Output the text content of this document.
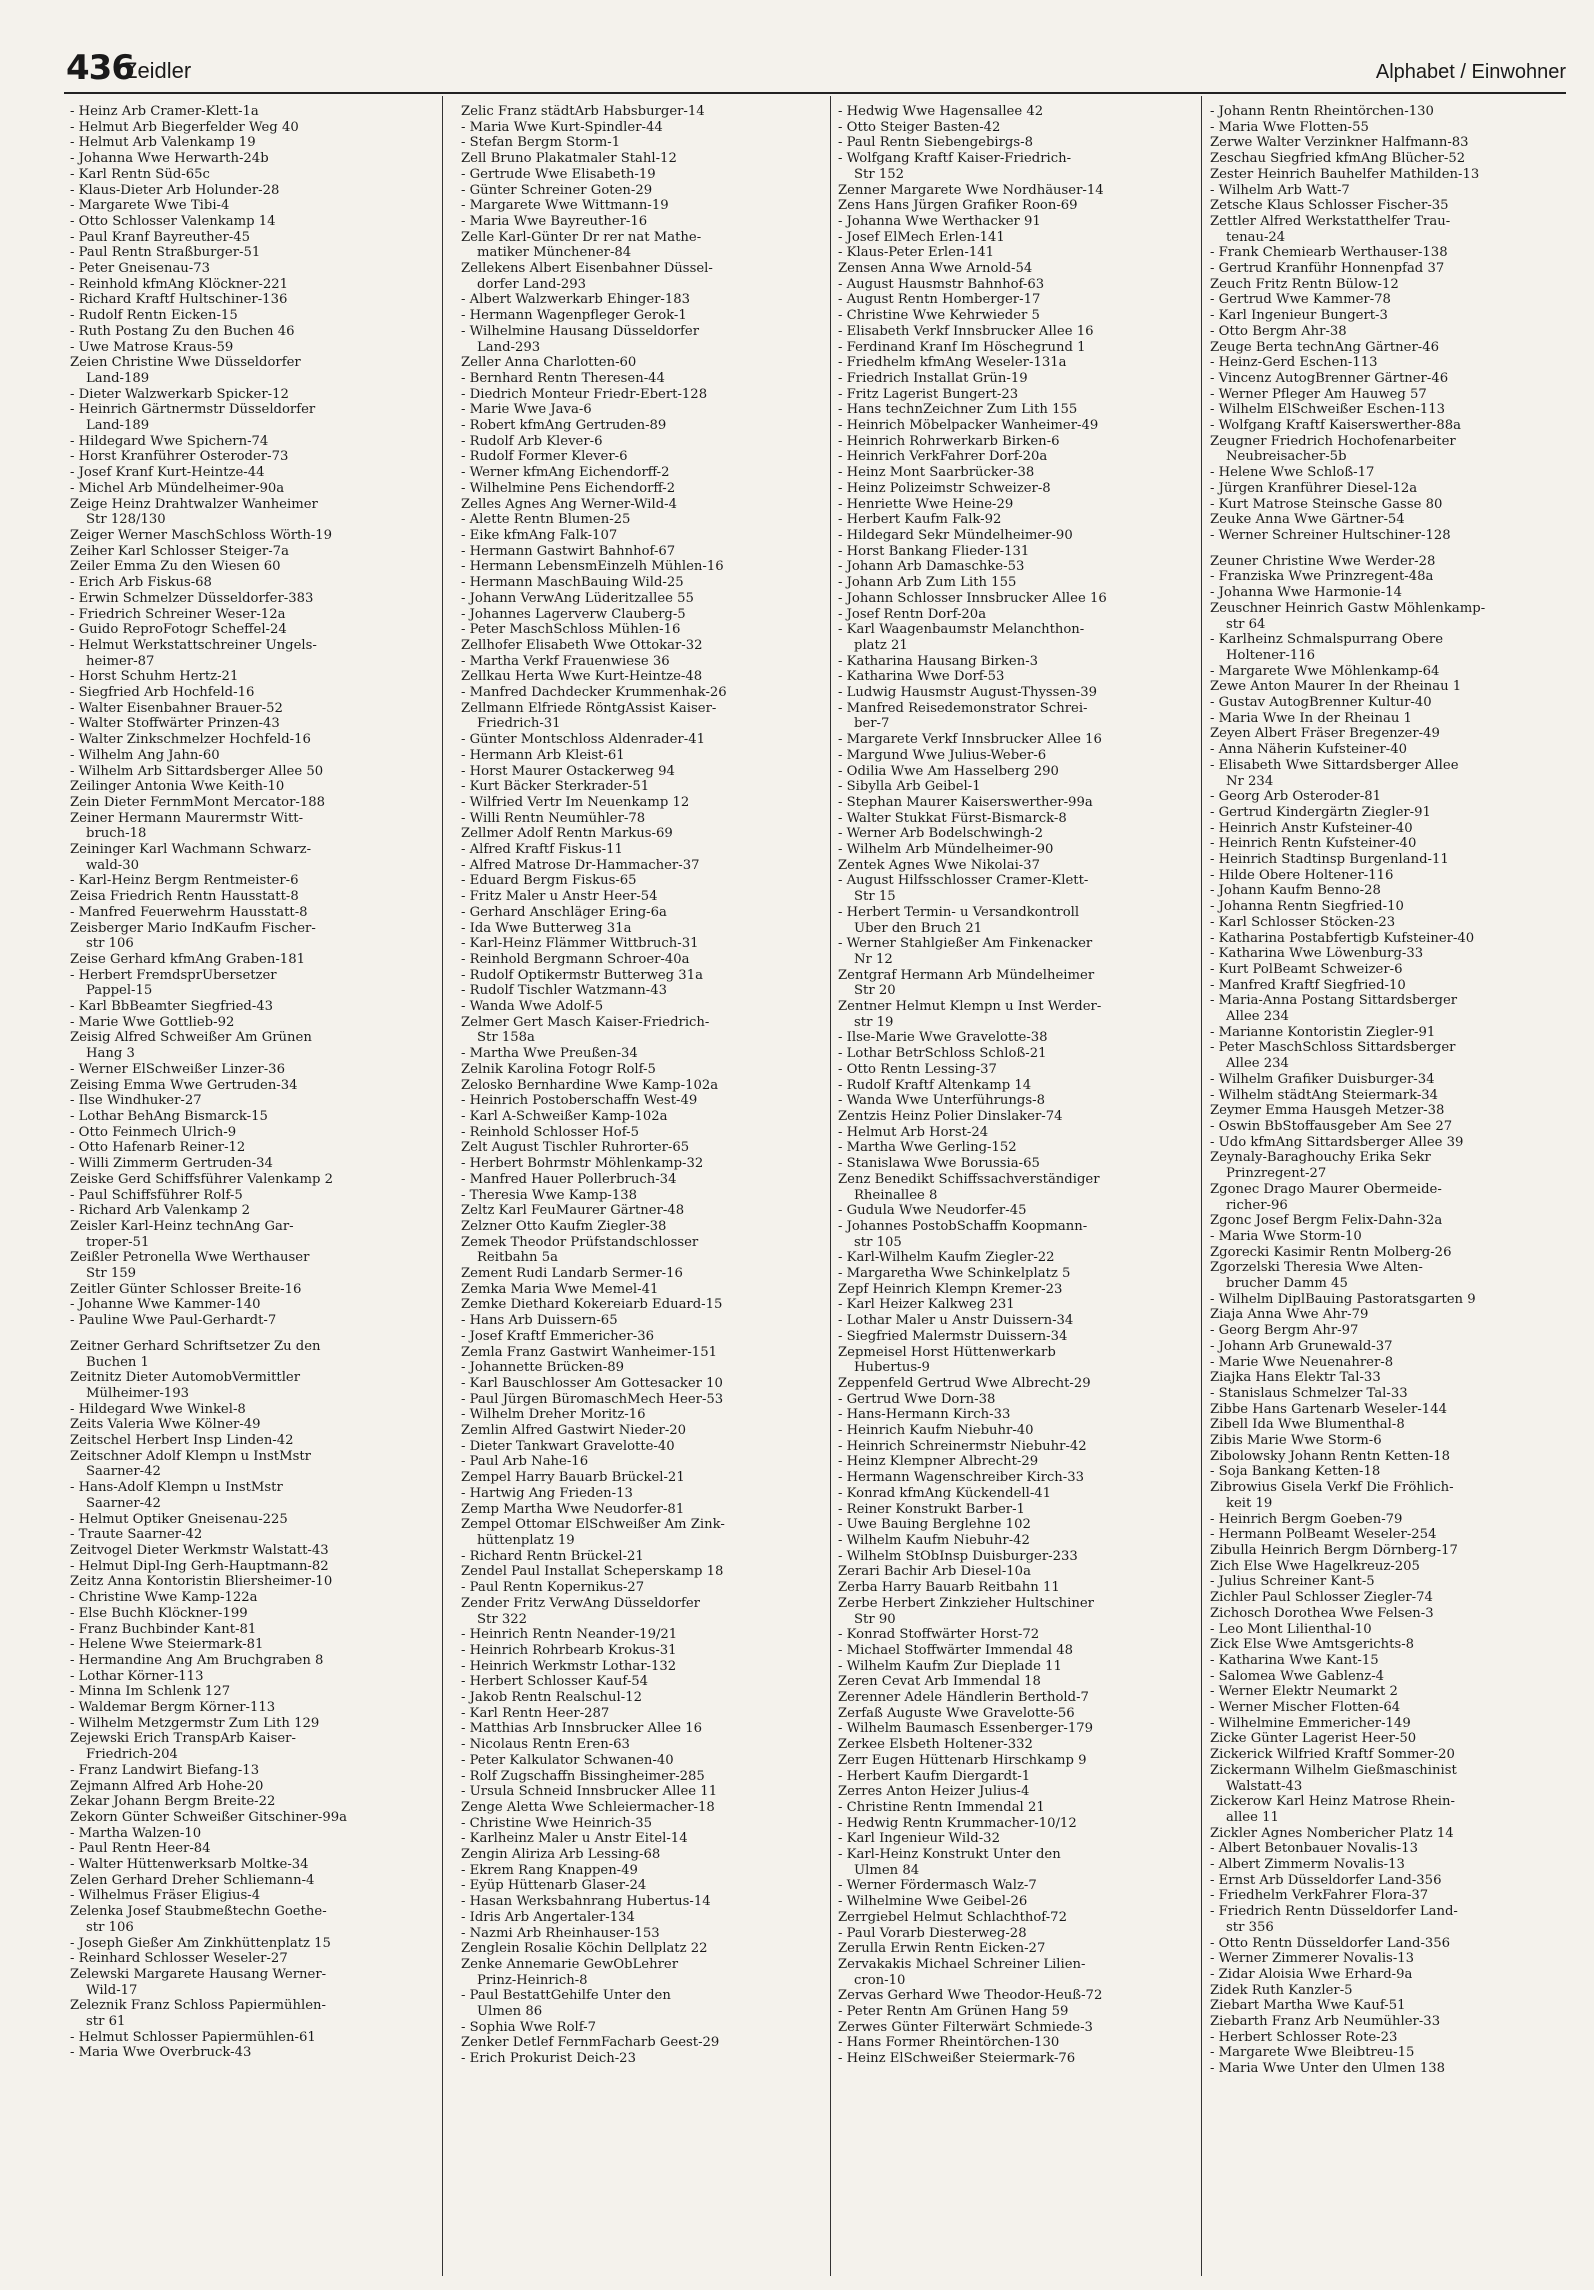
436
Zeidler	Alphabet / Einwohner
- Heinz Arb Cramer-Klett-1a
- Helmut Arb Biegerfelder Weg 40
- Helmut Arb Valenkamp 19
- Johanna Wwe Herwarth-24b
- Karl Rentn Süd-65c
- Klaus-Dieter Arb Holunder-28
- Margarete Wwe Tibi-4
- Otto Schlosser Valenkamp 14
- Paul Kranf Bayreuther-45
- Paul Rentn Straßburger-51
- Peter Gneisenau-73
- Reinhold kfmAng Klöckner-221
- Richard Kraftf Hultschiner-136
- Rudolf Rentn Eicken-15
- Ruth Postang Zu den Buchen 46
- Uwe Matrose Kraus-59
Zeien Christine Wwe Düsseldorfer
Land-189
- Dieter Walzwerkarb Spicker-12
- Heinrich Gärtnermstr Düsseldorfer
Land-189
- Hildegard Wwe Spichern-74
- Horst Kranführer Osteroder-73
- Josef Kranf Kurt-Heintze-44
- Michel Arb Mündelheimer-90a
Zeige Heinz Drahtwalzer Wanheimer
Str 128/130
Zeiger Werner MaschSchloss Wörth-19
Zeiher Karl Schlosser Steiger-7a
Zeiler Emma Zu den Wiesen 60
- Erich Arb Fiskus-68
- Erwin Schmelzer Düsseldorfer-383
- Friedrich Schreiner Weser-12a
- Guido ReproFotogr Scheffel-24
- Helmut Werkstattschreiner Ungels-
heimer-87
- Horst Schuhm Hertz-21
- Siegfried Arb Hochfeld-16
- Walter Eisenbahner Brauer-52
- Walter Stoffwärter Prinzen-43
- Walter Zinkschmelzer Hochfeld-16
- Wilhelm Ang Jahn-60
- Wilhelm Arb Sittardsberger Allee 50
Zeilinger Antonia Wwe Keith-10
Zein Dieter FernmMont Mercator-188
Zeiner Hermann Maurermstr Witt-
bruch-18
Zeininger Karl Wachmann Schwarz-
wald-30
- Karl-Heinz Bergm Rentmeister-6
Zeisa Friedrich Rentn Hausstatt-8
- Manfred Feuerwehrm Hausstatt-8
Zeisberger Mario IndKaufm Fischer-
str 106
Zeise Gerhard kfmAng Graben-181
- Herbert FremdsprÜbersetzer
Pappel-15
- Karl BbBeamter Siegfried-43
- Marie Wwe Gottlieb-92
Zeisig Alfred Schweißer Am Grünen
Hang 3
- Werner ElSchweißer Linzer-36
Zeising Emma Wwe Gertruden-34
- Ilse Windhuker-27
- Lothar BehAng Bismarck-15
- Otto Feinmech Ulrich-9
- Otto Hafenarb Reiner-12
- Willi Zimmerm Gertruden-34
Zeiske Gerd Schiffsführer Valenkamp 2
- Paul Schiffsführer Rolf-5
- Richard Arb Valenkamp 2
Zeisler Karl-Heinz technAng Gar-
troper-51
Zeißler Petronella Wwe Werthauser
Str 159
Zeitler Günter Schlosser Breite-16
- Johanne Wwe Kammer-140
- Pauline Wwe Paul-Gerhardt-7
Zeitner Gerhard Schriftsetzer Zu den
Buchen 1
Zeitnitz Dieter AutomobVermittler
Mülheimer-193
- Hildegard Wwe Winkel-8
Zeits Valeria Wwe Kölner-49
Zeitschel Herbert Insp Linden-42
Zeitschner Adolf Klempn u InstMstr
Saarner-42
- Hans-Adolf Klempn u InstMstr
Saarner-42
- Helmut Optiker Gneisenau-225
- Traute Saarner-42
Zeitvogel Dieter Werkmstr Walstatt-43
- Helmut Dipl-Ing Gerh-Hauptmann-82
Zeitz Anna Kontoristin Bliersheimer-10
- Christine Wwe Kamp-122a
- Else Buchh Klöckner-199
- Franz Buchbinder Kant-81
- Helene Wwe Steiermark-81
- Hermandine Ang Am Bruchgraben 8
- Lothar Körner-113
- Minna Im Schlenk 127
- Waldemar Bergm Körner-113
- Wilhelm Metzgermstr Zum Lith 129
Zejewski Erich TranspArb Kaiser-
Friedrich-204
- Franz Landwirt Biefang-13
Zejmann Alfred Arb Hohe-20
Zekar Johann Bergm Breite-22
Zekorn Günter Schweißer Gitschiner-99a
- Martha Walzen-10
- Paul Rentn Heer-84
- Walter Hüttenwerksarb Moltke-34
Zelen Gerhard Dreher Schliemann-4
- Wilhelmus Fräser Eligius-4
Zelenka Josef Staubmeßtechn Goethe-
str 106
- Joseph Gießer Am Zinkhüttenplatz 15
- Reinhard Schlosser Weseler-27
Zelewski Margarete Hausang Werner-
Wild-17
Zeleznik Franz Schloss Papiermühlen-
str 61
- Helmut Schlosser Papiermühlen-61
- Maria Wwe Overbruck-43
Zelic Franz städtArb Habsburger-14
- Maria Wwe Kurt-Spindler-44
- Stefan Bergm Storm-1
Zell Bruno Plakatmaler Stahl-12
- Gertrude Wwe Elisabeth-19
- Günter Schreiner Goten-29
- Margarete Wwe Wittmann-19
- Maria Wwe Bayreuther-16
Zelle Karl-Günter Dr rer nat Mathe-
matiker Münchener-84
Zellekens Albert Eisenbahner Düssel-
dorfer Land-293
- Albert Walzwerkarb Ehinger-183
- Hermann Wagenpfleger Gerok-1
- Wilhelmine Hausang Düsseldorfer
Land-293
Zeller Anna Charlotten-60
- Bernhard Rentn Theresen-44
- Diedrich Monteur Friedr-Ebert-128
- Marie Wwe Java-6
- Robert kfmAng Gertruden-89
- Rudolf Arb Klever-6
- Rudolf Former Klever-6
- Werner kfmAng Eichendorff-2
- Wilhelmine Pens Eichendorff-2
Zelles Agnes Ang Werner-Wild-4
- Alette Rentn Blumen-25
- Eike kfmAng Falk-107
- Hermann Gastwirt Bahnhof-67
- Hermann LebensmEinzelh Mühlen-16
- Hermann MaschBauing Wild-25
- Johann VerwAng Lüderitzallee 55
- Johannes Lagerverw Clauberg-5
- Peter MaschSchloss Mühlen-16
Zellhofer Elisabeth Wwe Ottokar-32
- Martha Verkf Frauenwiese 36
Zellkau Herta Wwe Kurt-Heintze-48
- Manfred Dachdecker Krummenhak-26
Zellmann Elfriede RöntgAssist Kaiser-
Friedrich-31
- Günter Montschloss Aldenrader-41
- Hermann Arb Kleist-61
- Horst Maurer Ostackerweg 94
- Kurt Bäcker Sterkrader-51
- Wilfried Vertr Im Neuenkamp 12
- Willi Rentn Neumühler-78
Zellmer Adolf Rentn Markus-69
- Alfred Kraftf Fiskus-11
- Alfred Matrose Dr-Hammacher-37
- Eduard Bergm Fiskus-65
- Fritz Maler u Anstr Heer-54
- Gerhard Anschläger Ering-6a
- Ida Wwe Butterweg 31a
- Karl-Heinz Flämmer Wittbruch-31
- Reinhold Bergmann Schroer-40a
- Rudolf Optikermstr Butterweg 31a
- Rudolf Tischler Watzmann-43
- Wanda Wwe Adolf-5
Zelmer Gert Masch Kaiser-Friedrich-
Str 158a
- Martha Wwe Preußen-34
Zelnik Karolina Fotogr Rolf-5
Zelosko Bernhardine Wwe Kamp-102a
- Heinrich Postoberschaffn West-49
- Karl A-Schweißer Kamp-102a
- Reinhold Schlosser Hof-5
Zelt August Tischler Ruhrorter-65
- Herbert Bohrmstr Möhlenkamp-32
- Manfred Hauer Pollerbruch-34
- Theresia Wwe Kamp-138
Zeltz Karl FeuMaurer Gärtner-48
Zelzner Otto Kaufm Ziegler-38
Zemek Theodor Prüfstandschlosser
Reitbahn 5a
Zement Rudi Landarb Sermer-16
Zemka Maria Wwe Memel-41
Zemke Diethard Kokereiarb Eduard-15
- Hans Arb Duissern-65
- Josef Kraftf Emmericher-36
Zemla Franz Gastwirt Wanheimer-151
- Johannette Brücken-89
- Karl Bauschlosser Am Gottesacker 10
- Paul Jürgen BüromaschMech Heer-53
- Wilhelm Dreher Moritz-16
Zemlin Alfred Gastwirt Nieder-20
- Dieter Tankwart Gravelotte-40
- Paul Arb Nahe-16
Zempel Harry Bauarb Brückel-21
- Hartwig Ang Frieden-13
Zemp Martha Wwe Neudorfer-81
Zempel Ottomar ElSchweißer Am Zink-
hüttenplatz 19
- Richard Rentn Brückel-21
Zendel Paul Installat Scheperskamp 18
- Paul Rentn Kopernikus-27
Zender Fritz VerwAng Düsseldorfer
Str 322
- Heinrich Rentn Neander-19/21
- Heinrich Rohrbearb Krokus-31
- Heinrich Werkmstr Lothar-132
- Herbert Schlosser Kauf-54
- Jakob Rentn Realschul-12
- Karl Rentn Heer-287
- Matthias Arb Innsbrucker Allee 16
- Nicolaus Rentn Eren-63
- Peter Kalkulator Schwanen-40
- Rolf Zugschaffn Bissingheimer-285
- Ursula Schneid Innsbrucker Allee 11
Zenge Aletta Wwe Schleiermacher-18
- Christine Wwe Heinrich-35
- Karlheinz Maler u Anstr Eitel-14
Zengin Aliriza Arb Lessing-68
- Ekrem Rang Knappen-49
- Eyüp Hüttenarb Glaser-24
- Hasan Werksbahnrang Hubertus-14
- Idris Arb Angertaler-134
- Nazmi Arb Rheinhauser-153
Zenglein Rosalie Köchin Dellplatz 22
Zenke Annemarie GewObLehrer
Prinz-Heinrich-8
- Paul BestattGehilfe Unter den
Ulmen 86
- Sophia Wwe Rolf-7
Zenker Detlef FernmFacharb Geest-29
- Erich Prokurist Deich-23
- Hedwig Wwe Hagensallee 42
- Otto Steiger Basten-42
- Paul Rentn Siebengebirgs-8
- Wolfgang Kraftf Kaiser-Friedrich-
Str 152
Zenner Margarete Wwe Nordhäuser-14
Zens Hans Jürgen Grafiker Roon-69
- Johanna Wwe Werthacker 91
- Josef ElMech Erlen-141
- Klaus-Peter Erlen-141
Zensen Anna Wwe Arnold-54
- August Hausmstr Bahnhof-63
- August Rentn Homberger-17
- Christine Wwe Kehrwieder 5
- Elisabeth Verkf Innsbrucker Allee 16
- Ferdinand Kranf Im Höschegrund 1
- Friedhelm kfmAng Weseler-131a
- Friedrich Installat Grün-19
- Fritz Lagerist Bungert-23
- Hans technZeichner Zum Lith 155
- Heinrich Möbelpacker Wanheimer-49
- Heinrich Rohrwerkarb Birken-6
- Heinrich VerkFahrer Dorf-20a
- Heinz Mont Saarbrücker-38
- Heinz Polizeimstr Schweizer-8
- Henriette Wwe Heine-29
- Herbert Kaufm Falk-92
- Hildegard Sekr Mündelheimer-90
- Horst Bankang Flieder-131
- Johann Arb Damaschke-53
- Johann Arb Zum Lith 155
- Johann Schlosser Innsbrucker Allee 16
- Josef Rentn Dorf-20a
- Karl Waagenbaumstr Melanchthon-
platz 21
- Katharina Hausang Birken-3
- Katharina Wwe Dorf-53
- Ludwig Hausmstr August-Thyssen-39
- Manfred Reisedemonstrator Schrei-
ber-7
- Margarete Verkf Innsbrucker Allee 16
- Margund Wwe Julius-Weber-6
- Odilia Wwe Am Hasselberg 290
- Sibylla Arb Geibel-1
- Stephan Maurer Kaiserswerther-99a
- Walter Stukkat Fürst-Bismarck-8
- Werner Arb Bodelschwingh-2
- Wilhelm Arb Mündelheimer-90
Zentek Agnes Wwe Nikolai-37
- August Hilfsschlosser Cramer-Klett-
Str 15
- Herbert Termin- u Versandkontroll
Über den Bruch 21
- Werner Stahlgießer Am Finkenacker
Nr 12
Zentgraf Hermann Arb Mündelheimer
Str 20
Zentner Helmut Klempn u Inst Werder-
str 19
- Ilse-Marie Wwe Gravelotte-38
- Lothar BetrSchloss Schloß-21
- Otto Rentn Lessing-37
- Rudolf Kraftf Altenkamp 14
- Wanda Wwe Unterführungs-8
Zentzis Heinz Polier Dinslaker-74
- Helmut Arb Horst-24
- Martha Wwe Gerling-152
- Stanislawa Wwe Borussia-65
Zenz Benedikt Schiffssachverständiger
Rheinallee 8
- Gudula Wwe Neudorfer-45
- Johannes PostobSchaffn Koopmann-
str 105
- Karl-Wilhelm Kaufm Ziegler-22
- Margaretha Wwe Schinkelplatz 5
Zepf Heinrich Klempn Kremer-23
- Karl Heizer Kalkweg 231
- Lothar Maler u Anstr Duissern-34
- Siegfried Malermstr Duissern-34
Zepmeisel Horst Hüttenwerkarb
Hubertus-9
Zeppenfeld Gertrud Wwe Albrecht-29
- Gertrud Wwe Dorn-38
- Hans-Hermann Kirch-33
- Heinrich Kaufm Niebuhr-40
- Heinrich Schreinermstr Niebuhr-42
- Heinz Klempner Albrecht-29
- Hermann Wagenschreiber Kirch-33
- Konrad kfmAng Kückendell-41
- Reiner Konstrukt Barber-1
- Uwe Bauing Berglehne 102
- Wilhelm Kaufm Niebuhr-42
- Wilhelm StObInsp Duisburger-233
Zerari Bachir Arb Diesel-10a
Zerba Harry Bauarb Reitbahn 11
Zerbe Herbert Zinkzieher Hultschiner
Str 90
- Konrad Stoffwärter Horst-72
- Michael Stoffwärter Immendal 48
- Wilhelm Kaufm Zur Dieplade 11
Zeren Cevat Arb Immendal 18
Zerenner Adele Händlerin Berthold-7
Zerfaß Auguste Wwe Gravelotte-56
- Wilhelm Baumasch Essenberger-179
Zerkee Elsbeth Holtener-332
Zerr Eugen Hüttenarb Hirschkamp 9
- Herbert Kaufm Diergardt-1
Zerres Anton Heizer Julius-4
- Christine Rentn Immendal 21
- Hedwig Rentn Krummacher-10/12
- Karl Ingenieur Wild-32
- Karl-Heinz Konstrukt Unter den
Ulmen 84
- Werner Fördermasch Walz-7
- Wilhelmine Wwe Geibel-26
Zerrgiebel Helmut Schlachthof-72
- Paul Vorarb Diesterweg-28
Zerulla Erwin Rentn Eicken-27
Zervakakis Michael Schreiner Lilien-
cron-10
Zervas Gerhard Wwe Theodor-Heuß-72
- Peter Rentn Am Grünen Hang 59
Zerwes Günter Filterwärt Schmiede-3
- Hans Former Rheintörchen-130
- Heinz ElSchweißer Steiermark-76
- Johann Rentn Rheintörchen-130
- Maria Wwe Flotten-55
Zerwe Walter Verzinkner Halfmann-83
Zeschau Siegfried kfmAng Blücher-52
Zester Heinrich Bauhelfer Mathilden-13
- Wilhelm Arb Watt-7
Zetsche Klaus Schlosser Fischer-35
Zettler Alfred Werkstatthelfer Trau-
tenau-24
- Frank Chemiearb Werthauser-138
- Gertrud Kranführ Honnenpfad 37
Zeuch Fritz Rentn Bülow-12
- Gertrud Wwe Kammer-78
- Karl Ingenieur Bungert-3
- Otto Bergm Ahr-38
Zeuge Berta technAng Gärtner-46
- Heinz-Gerd Eschen-113
- Vincenz AutogBrenner Gärtner-46
- Werner Pfleger Am Hauweg 57
- Wilhelm ElSchweißer Eschen-113
- Wolfgang Kraftf Kaiserswerther-88a
Zeugner Friedrich Hochofenarbeiter
Neubreisacher-5b
- Helene Wwe Schloß-17
- Jürgen Kranführer Diesel-12a
- Kurt Matrose Steinsche Gasse 80
Zeuke Anna Wwe Gärtner-54
- Werner Schreiner Hultschiner-128
Zeuner Christine Wwe Werder-28
- Franziska Wwe Prinzregent-48a
- Johanna Wwe Harmonie-14
Zeuschner Heinrich Gastw Möhlenkamp-
str 64
- Karlheinz Schmalspurrang Obere
Holtener-116
- Margarete Wwe Möhlenkamp-64
Zewe Anton Maurer In der Rheinau 1
- Gustav AutogBrenner Kultur-40
- Maria Wwe In der Rheinau 1
Zeyen Albert Fräser Bregenzer-49
- Anna Näherin Kufsteiner-40
- Elisabeth Wwe Sittardsberger Allee
Nr 234
- Georg Arb Osteroder-81
- Gertrud Kindergärtn Ziegler-91
- Heinrich Anstr Kufsteiner-40
- Heinrich Rentn Kufsteiner-40
- Heinrich Stadtinsp Burgenland-11
- Hilde Obere Holtener-116
- Johann Kaufm Benno-28
- Johanna Rentn Siegfried-10
- Karl Schlosser Stöcken-23
- Katharina Postabfertigb Kufsteiner-40
- Katharina Wwe Löwenburg-33
- Kurt PolBeamt Schweizer-6
- Manfred Kraftf Siegfried-10
- Maria-Anna Postang Sittardsberger
Allee 234
- Marianne Kontoristin Ziegler-91
- Peter MaschSchloss Sittardsberger
Allee 234
- Wilhelm Grafiker Duisburger-34
- Wilhelm städtAng Steiermark-34
Zeymer Emma Hausgeh Metzer-38
- Oswin BbStoffausgeber Am See 27
- Udo kfmAng Sittardsberger Allee 39
Zeynaly-Baraghouchy Erika Sekr
Prinzregent-27
Zgonec Drago Maurer Obermeide-
richer-96
Zgonc Josef Bergm Felix-Dahn-32a
- Maria Wwe Storm-10
Zgorecki Kasimir Rentn Molberg-26
Zgorzelski Theresia Wwe Alten-
brucher Damm 45
- Wilhelm DiplBauing Pastoratsgarten 9
Ziaja Anna Wwe Ahr-79
- Georg Bergm Ahr-97
- Johann Arb Grunewald-37
- Marie Wwe Neuenahrer-8
Ziajka Hans Elektr Tal-33
- Stanislaus Schmelzer Tal-33
Zibbe Hans Gartenarb Weseler-144
Zibell Ida Wwe Blumenthal-8
Zibis Marie Wwe Storm-6
Zibolowsky Johann Rentn Ketten-18
- Soja Bankang Ketten-18
Zibrowius Gisela Verkf Die Fröhlich-
keit 19
- Heinrich Bergm Goeben-79
- Hermann PolBeamt Weseler-254
Zibulla Heinrich Bergm Dörnberg-17
Zich Else Wwe Hagelkreuz-205
- Julius Schreiner Kant-5
Zichler Paul Schlosser Ziegler-74
Zichosch Dorothea Wwe Felsen-3
- Leo Mont Lilienthal-10
Zick Else Wwe Amtsgerichts-8
- Katharina Wwe Kant-15
- Salomea Wwe Gablenz-4
- Werner Elektr Neumarkt 2
- Werner Mischer Flotten-64
- Wilhelmine Emmericher-149
Zicke Günter Lagerist Heer-50
Zickerick Wilfried Kraftf Sommer-20
Zickermann Wilhelm Gießmaschinist
Walstatt-43
Zickerow Karl Heinz Matrose Rhein-
allee 11
Zickler Agnes Nombericher Platz 14
- Albert Betonbauer Novalis-13
- Albert Zimmerm Novalis-13
- Ernst Arb Düsseldorfer Land-356
- Friedhelm VerkFahrer Flora-37
- Friedrich Rentn Düsseldorfer Land-
str 356
- Otto Rentn Düsseldorfer Land-356
- Werner Zimmerer Novalis-13
- Zidar Aloisia Wwe Erhard-9a
Zidek Ruth Kanzler-5
Ziebart Martha Wwe Kauf-51
Ziebarth Franz Arb Neumühler-33
- Herbert Schlosser Rote-23
- Margarete Wwe Bleibtreu-15
- Maria Wwe Unter den Ulmen 138
